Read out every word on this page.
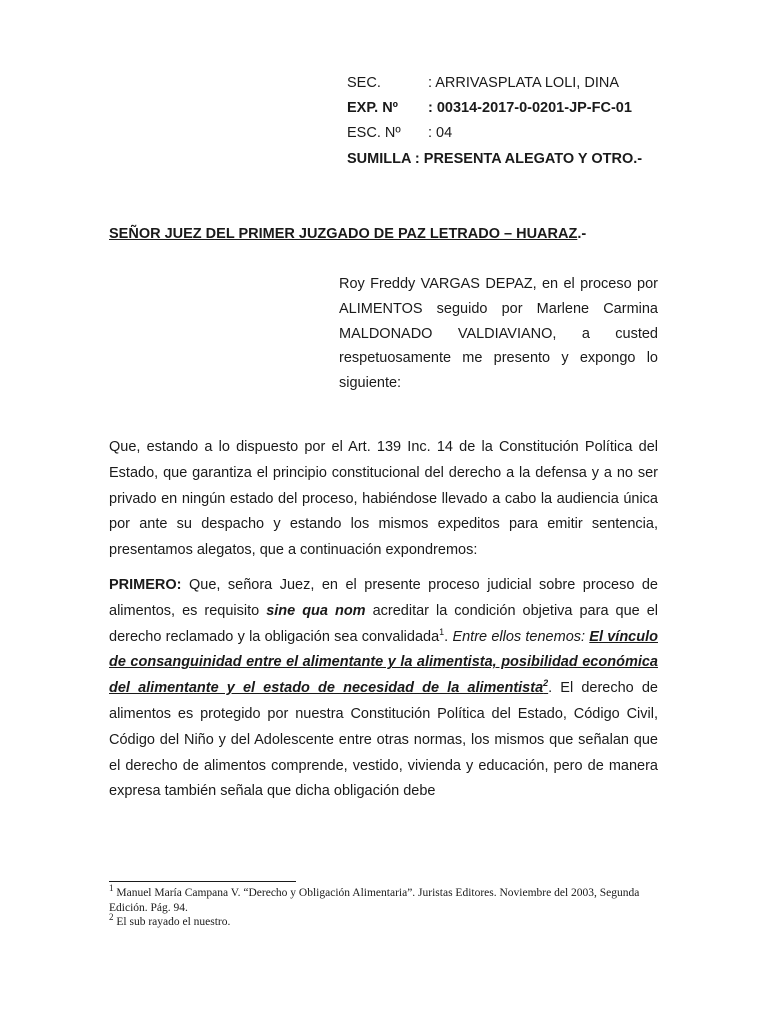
SEC.	: ARRIVASPLATA LOLI, DINA
EXP. Nº : 00314-2017-0-0201-JP-FC-01
ESC. Nº : 04
SUMILLA : PRESENTA ALEGATO Y OTRO.-
SEÑOR JUEZ DEL PRIMER JUZGADO DE PAZ LETRADO – HUARAZ.-
Roy Freddy VARGAS DEPAZ, en el proceso por ALIMENTOS seguido por Marlene Carmina MALDONADO VALDIAVIANO, a custed respetuosamente me presento y expongo lo siguiente:
Que, estando a lo dispuesto por el Art. 139 Inc. 14 de la Constitución Política del Estado, que garantiza el principio constitucional del derecho a la defensa y a no ser privado en ningún estado del proceso, habiéndose llevado a cabo la audiencia única por ante su despacho y estando los mismos expeditos para emitir sentencia, presentamos alegatos, que a continuación expondremos:
PRIMERO: Que, señora Juez, en el presente proceso judicial sobre proceso de alimentos, es requisito sine qua nom acreditar la condición objetiva para que el derecho reclamado y la obligación sea convalidada$^1$. Entre ellos tenemos: El vínculo de consanguinidad entre el alimentante y la alimentista, posibilidad económica del alimentante y el estado de necesidad de la alimentista$^2$. El derecho de alimentos es protegido por nuestra Constitución Política del Estado, Código Civil, Código del Niño y del Adolescente entre otras normas, los mismos que señalan que el derecho de alimentos comprende, vestido, vivienda y educación, pero de manera expresa también señala que dicha obligación debe
$^1$ Manuel María Campana V. “Derecho y Obligación Alimentaria”. Juristas Editores. Noviembre del 2003, Segunda Edición. Pág. 94.
$^2$ El sub rayado el nuestro.
